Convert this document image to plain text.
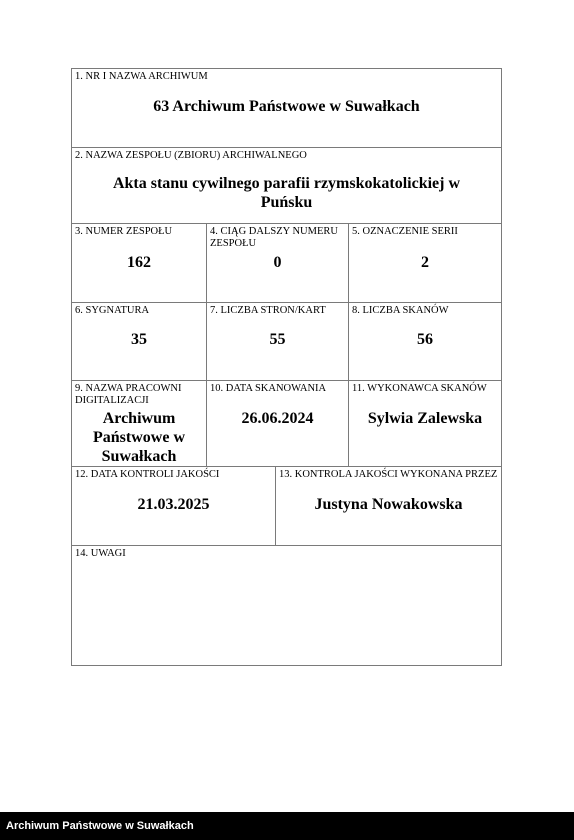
1. NR I NAZWA ARCHIWUM
63 Archiwum Państwowe w Suwałkach
2. NAZWA ZESPOŁU (ZBIORU) ARCHIWALNEGO
Akta stanu cywilnego parafii rzymskokatolickiej w Puńsku
3. NUMER ZESPOŁU
162
4. CIĄG DALSZY NUMERU ZESPOŁU
0
5. OZNACZENIE SERII
2
6. SYGNATURA
35
7. LICZBA STRON/KART
55
8. LICZBA SKANÓW
56
9. NAZWA PRACOWNI DIGITALIZACJI
Archiwum Państwowe w Suwałkach
10. DATA SKANOWANIA
26.06.2024
11. WYKONAWCA SKANÓW
Sylwia Zalewska
12. DATA KONTROLI JAKOŚCI
21.03.2025
13. KONTROLA JAKOŚCI WYKONANA PRZEZ
Justyna Nowakowska
14. UWAGI
Archiwum Państwowe w Suwałkach
